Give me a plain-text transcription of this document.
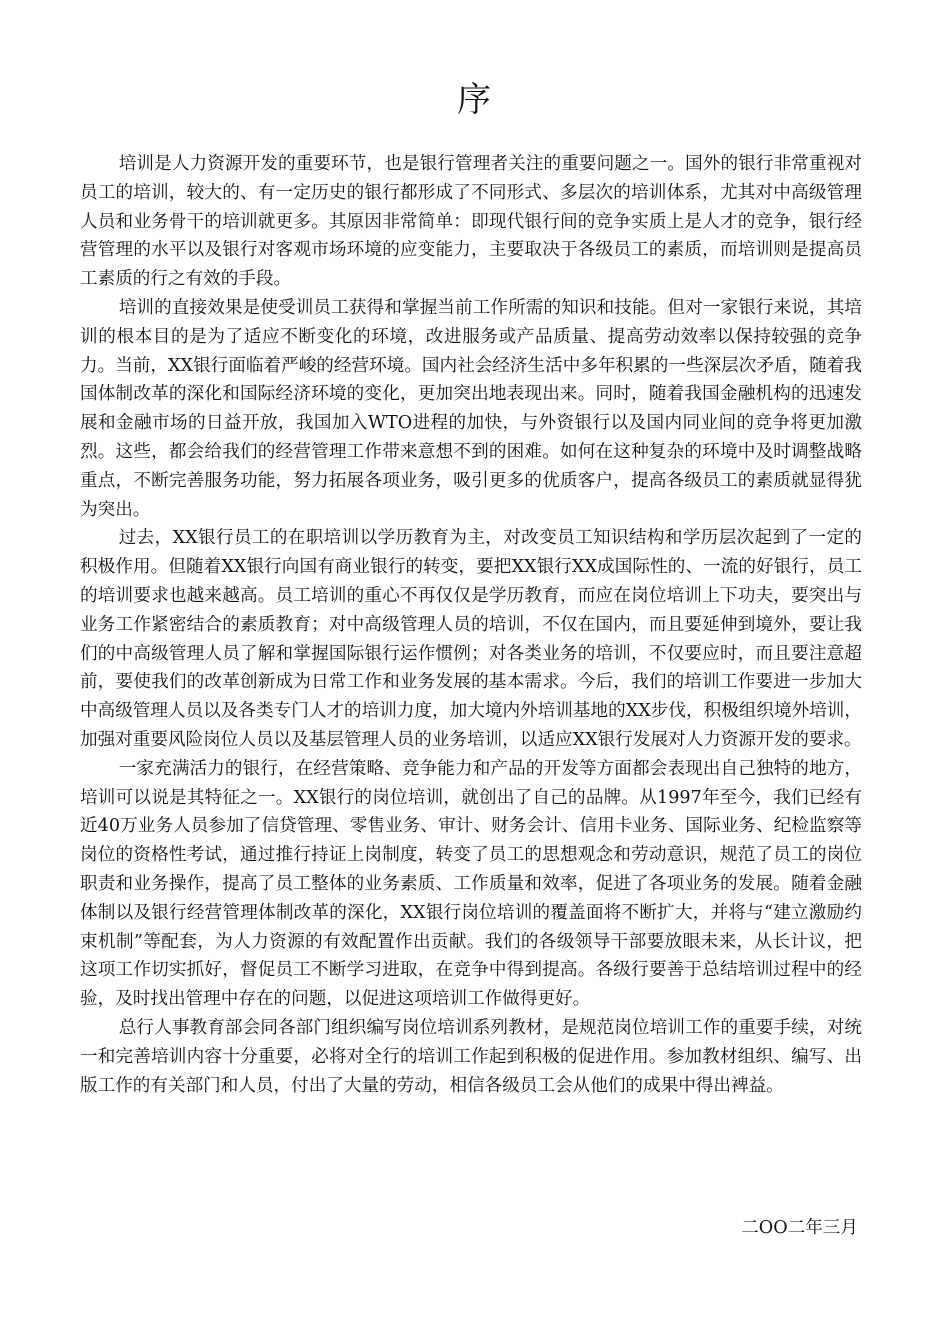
序

培训是人力资源开发的重要环节，也是银行管理者关注的重要问题之一。国外的银行非常重视对员工的培训，较大的、有一定历史的银行都形成了不同形式、多层次的培训体系，尤其对中高级管理人员和业务骨干的培训就更多。其原因非常简单：即现代银行间的竞争实质上是人才的竞争，银行经营管理的水平以及银行对客观市场环境的应变能力，主要取决于各级员工的素质，而培训则是提高员工素质的行之有效的手段。

培训的直接效果是使受训员工获得和掌握当前工作所需的知识和技能。但对一家银行来说，其培训的根本目的是为了适应不断变化的环境，改进服务或产品质量、提高劳动效率以保持较强的竞争力。当前，XX银行面临着严峻的经营环境。国内社会经济生活中多年积累的一些深层次矛盾，随着我国体制改革的深化和国际经济环境的变化，更加突出地表现出来。同时，随着我国金融机构的迅速发展和金融市场的日益开放，我国加入WTO进程的加快，与外资银行以及国内同业间的竞争将更加激烈。这些，都会给我们的经营管理工作带来意想不到的困难。如何在这种复杂的环境中及时调整战略重点，不断完善服务功能，努力拓展各项业务，吸引更多的优质客户，提高各级员工的素质就显得犹为突出。

过去，XX银行员工的在职培训以学历教育为主，对改变员工知识结构和学历层次起到了一定的积极作用。但随着XX银行向国有商业银行的转变，要把XX银行XX成国际性的、一流的好银行，员工的培训要求也越来越高。员工培训的重心不再仅仅是学历教育，而应在岗位培训上下功夫，要突出与业务工作紧密结合的素质教育；对中高级管理人员的培训，不仅在国内，而且要延伸到境外，要让我们的中高级管理人员了解和掌握国际银行运作惯例；对各类业务的培训，不仅要应时，而且要注意超前，要使我们的改革创新成为日常工作和业务发展的基本需求。今后，我们的培训工作要进一步加大中高级管理人员以及各类专门人才的培训力度，加大境内外培训基地的XX步伐，积极组织境外培训，加强对重要风险岗位人员以及基层管理人员的业务培训，以适应XX银行发展对人力资源开发的要求。

一家充满活力的银行，在经营策略、竞争能力和产品的开发等方面都会表现出自己独特的地方，培训可以说是其特征之一。XX银行的岗位培训，就创出了自己的品牌。从1997年至今，我们已经有近40万业务人员参加了信贷管理、零售业务、审计、财务会计、信用卡业务、国际业务、纪检监察等岗位的资格性考试，通过推行持证上岗制度，转变了员工的思想观念和劳动意识，规范了员工的岗位职责和业务操作，提高了员工整体的业务素质、工作质量和效率，促进了各项业务的发展。随着金融体制以及银行经营管理体制改革的深化，XX银行岗位培训的覆盖面将不断扩大，并将与“建立激励约束机制”等配套，为人力资源的有效配置作出贡献。我们的各级领导干部要放眼未来，从长计议，把这项工作切实抓好，督促员工不断学习进取，在竞争中得到提高。各级行要善于总结培训过程中的经验，及时找出管理中存在的问题，以促进这项培训工作做得更好。

总行人事教育部会同各部门组织编写岗位培训系列教材，是规范岗位培训工作的重要手续，对统一和完善培训内容十分重要，必将对全行的培训工作起到积极的促进作用。参加教材组织、编写、出版工作的有关部门和人员，付出了大量的劳动，相信各级员工会从他们的成果中得出裨益。

二OO二年三月
